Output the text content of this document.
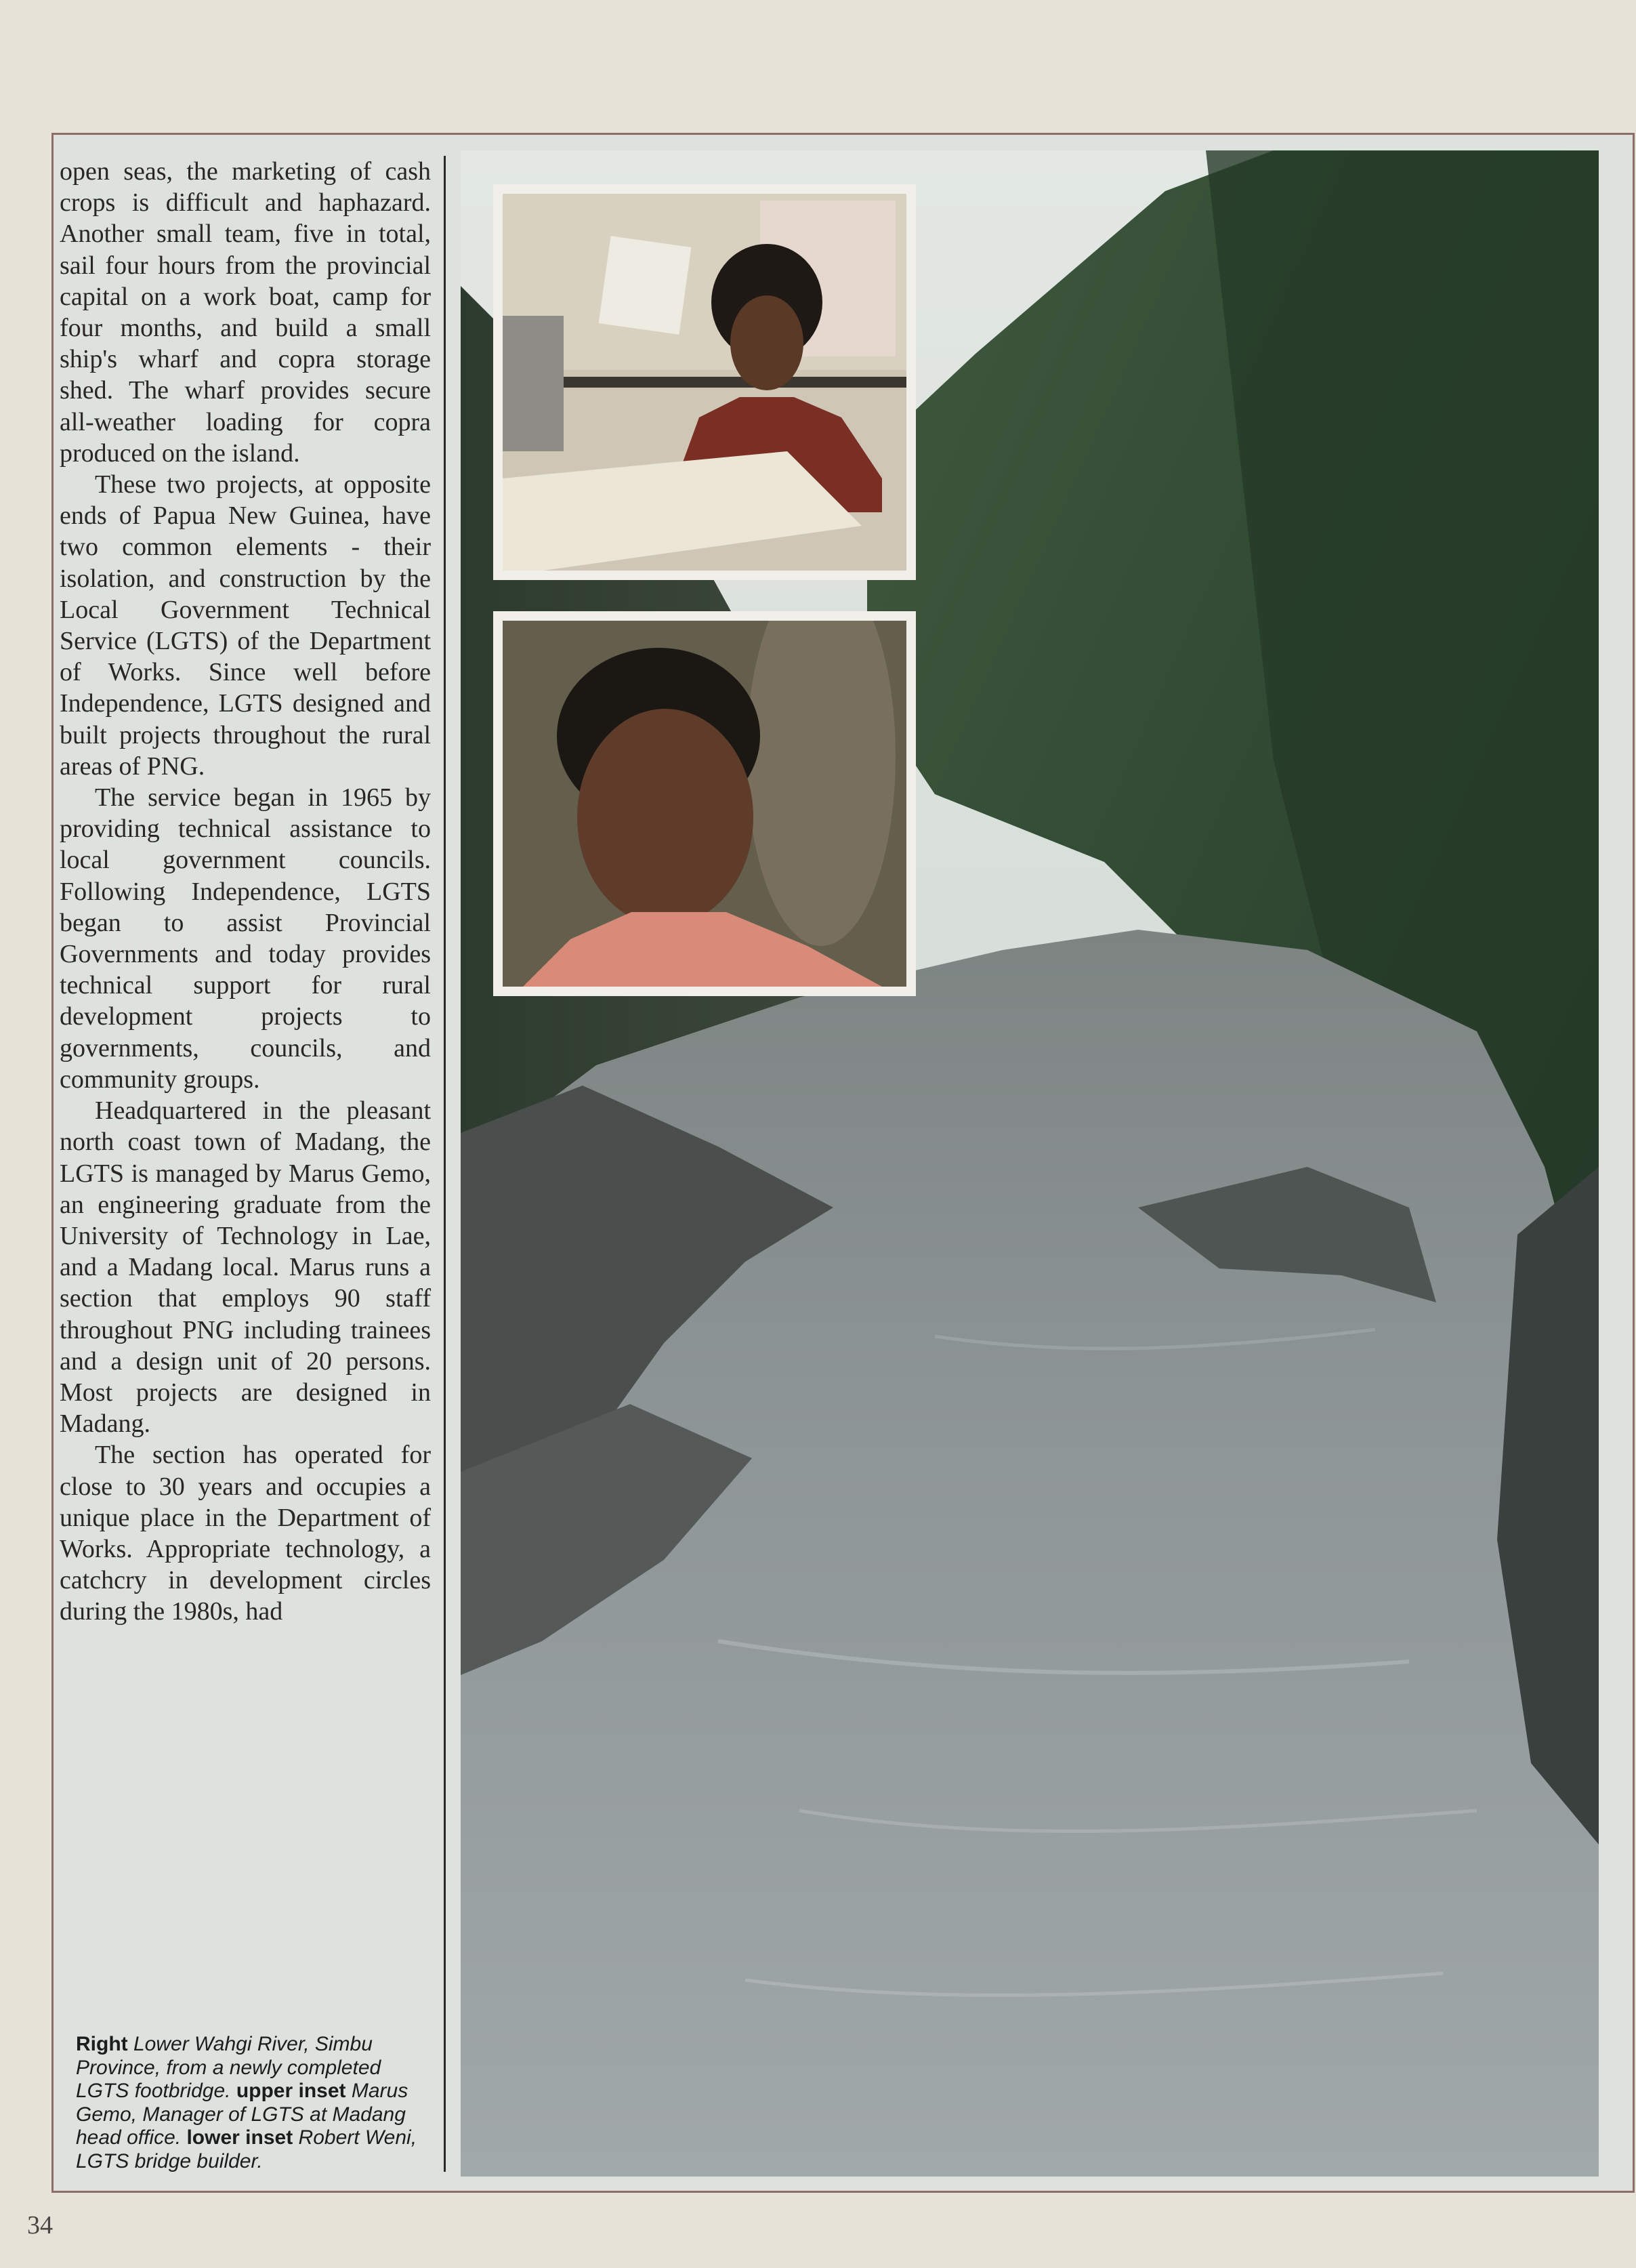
open seas, the marketing of cash crops is difficult and haphazard. Another small team, five in total, sail four hours from the provincial capital on a work boat, camp for four months, and build a small ship's wharf and copra storage shed. The wharf provides secure all-weather loading for copra produced on the island.

These two projects, at opposite ends of Papua New Guinea, have two common elements - their isolation, and construction by the Local Government Technical Service (LGTS) of the Department of Works. Since well before Independence, LGTS designed and built projects throughout the rural areas of PNG.

The service began in 1965 by providing technical assistance to local government councils. Following Independence, LGTS began to assist Provincial Governments and today provides technical support for rural development projects to governments, councils, and community groups.

Headquartered in the pleasant north coast town of Madang, the LGTS is managed by Marus Gemo, an engineering graduate from the University of Technology in Lae, and a Madang local. Marus runs a section that employs 90 staff throughout PNG including trainees and a design unit of 20 persons. Most projects are designed in Madang.

The section has operated for close to 30 years and occupies a unique place in the Department of Works. Appropriate technology, a catchcry in development circles during the 1980s, had

Right Lower Wahgi River, Simbu Province, from a newly completed LGTS footbridge. upper inset Marus Gemo, Manager of LGTS at Madang head office. lower inset Robert Weni, LGTS bridge builder.
34
